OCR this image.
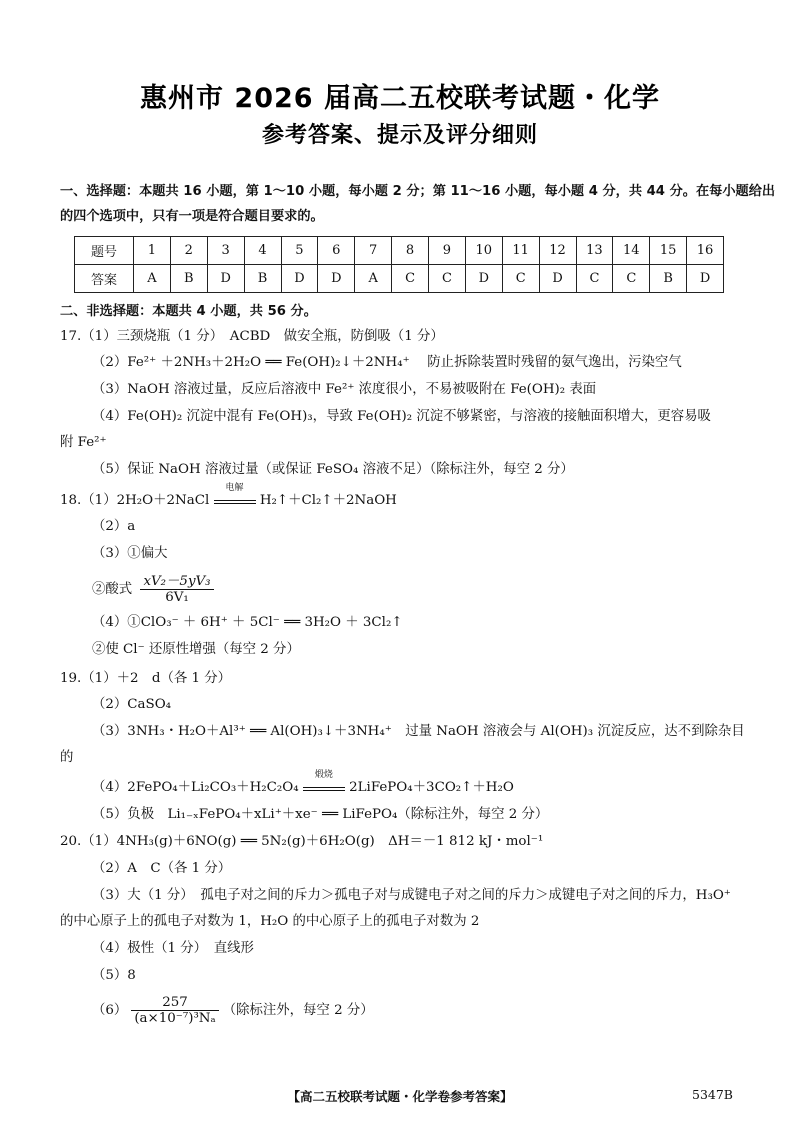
惠州市 2026 届高二五校联考试题・化学
参考答案、提示及评分细则
一、选择题：本题共 16 小题，第 1～10 小题，每小题 2 分；第 11～16 小题，每小题 4 分，共 44 分。在每小题给出
的四个选项中，只有一项是符合题目要求的。
题号	1	2	3	4	5	6	7	8	9	10	11	12	13	14	15	16
答案	A	B	D	B	D	D	A	C	C	D	C	D	C	C	B	D
二、非选择题：本题共 4 小题，共 56 分。
17.（1）三颈烧瓶（1 分）　ACBD　做安全瓶，防倒吸（1 分）
（2）Fe²⁺ ＋2NH₃＋2H₂O ══ Fe(OH)₂↓＋2NH₄⁺　 防止拆除装置时残留的氨气逸出，污染空气
（3）NaOH 溶液过量，反应后溶液中 Fe²⁺ 浓度很小，不易被吸附在 Fe(OH)₂ 表面
（4）Fe(OH)₂ 沉淀中混有 Fe(OH)₃，导致 Fe(OH)₂ 沉淀不够紧密，与溶液的接触面积增大，更容易吸
附 Fe²⁺
（5）保证 NaOH 溶液过量（或保证 FeSO₄ 溶液不足）（除标注外，每空 2 分）
18.（1）2H₂O＋2NaCl
电解
H₂↑＋Cl₂↑＋2NaOH
（2）a
（3）①偏大
②酸式 $\frac{\text{xV₂－5yV₃}}{\text{6V₁}}$
（4）①ClO₃⁻ ＋ 6H⁺ ＋ 5Cl⁻ ══ 3H₂O ＋ 3Cl₂↑
②使 Cl⁻ 还原性增强（每空 2 分）
19.（1）＋2　d（各 1 分）
（2）CaSO₄
（3）3NH₃・H₂O＋Al³⁺ ══ Al(OH)₃↓＋3NH₄⁺　过量 NaOH 溶液会与 Al(OH)₃ 沉淀反应，达不到除杂目
的
（4）2FePO₄＋Li₂CO₃＋H₂C₂O₄
煅烧
2LiFePO₄＋3CO₂↑＋H₂O
（5）负极　Li₁₋ₓFePO₄＋xLi⁺＋xe⁻ ══ LiFePO₄（除标注外，每空 2 分）
20.（1）4NH₃(g)＋6NO(g) ══ 5N₂(g)＋6H₂O(g)　ΔH＝－1 812 kJ・mol⁻¹
（2）A　C（各 1 分）
（3）大（1 分）　孤电子对之间的斥力＞孤电子对与成键电子对之间的斥力＞成键电子对之间的斥力，H₃O⁺
的中心原子上的孤电子对数为 1，H₂O 的中心原子上的孤电子对数为 2
（4）极性（1 分）　直线形
（5）8
$(6) \frac{257}{\text{(a×10⁻⁷)³Nₐ}}$ （除标注外，每空 2 分）
【高二五校联考试题・化学卷参考答案】	5347B
